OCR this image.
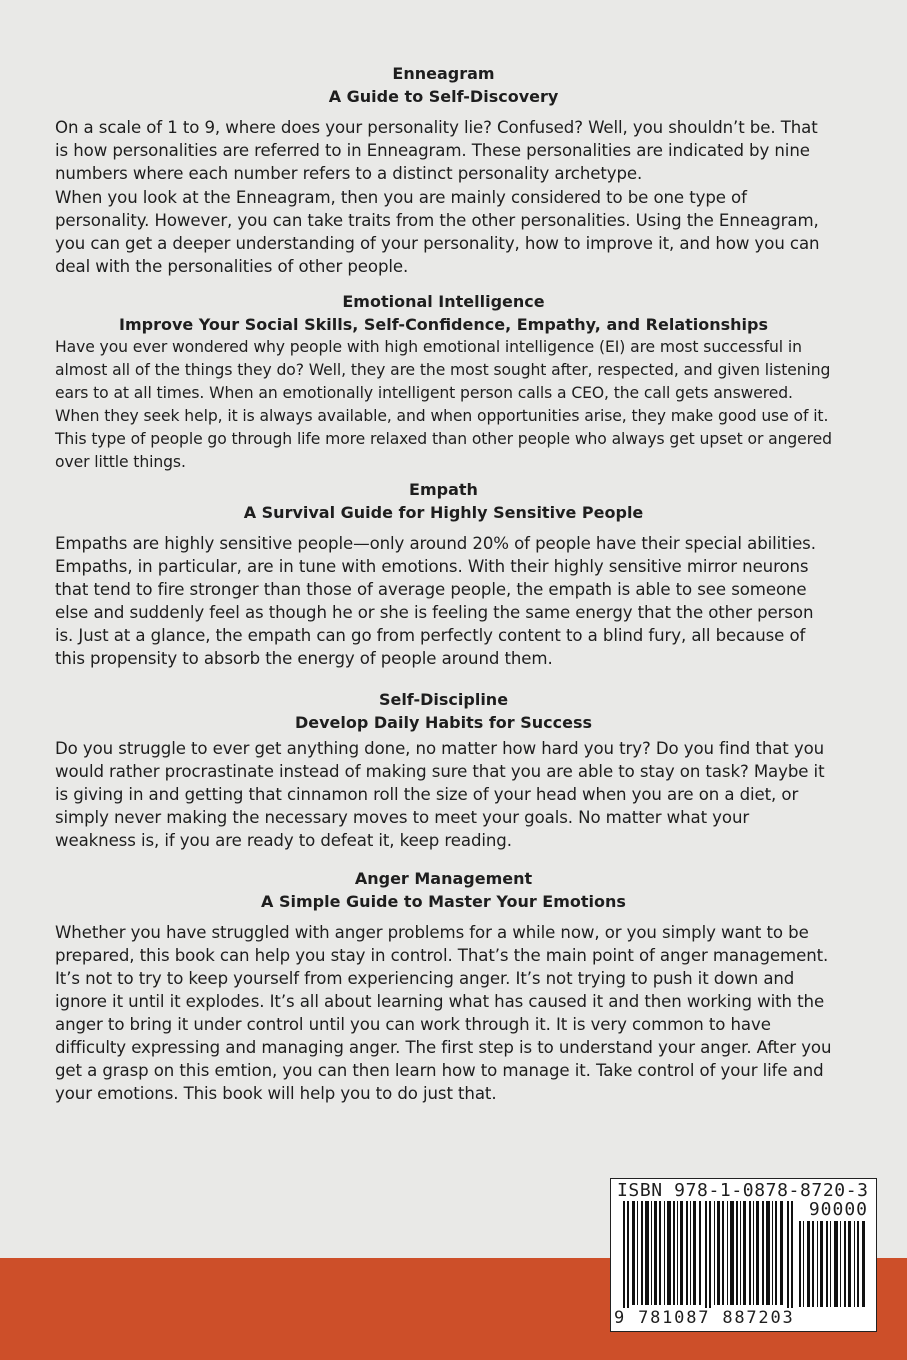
Enneagram
A Guide to Self-Discovery

On a scale of 1 to 9, where does your personality lie? Confused? Well, you shouldn’t be. That is how personalities are referred to in Enneagram. These personalities are indicated by nine numbers where each number refers to a distinct personality archetype.

When you look at the Enneagram, then you are mainly considered to be one type of personality. However, you can take traits from the other personalities. Using the Enneagram, you can get a deeper understanding of your personality, how to improve it, and how you can deal with the personalities of other people.

Emotional Intelligence
Improve Your Social Skills, Self-Confidence, Empathy, and Relationships

Have you ever wondered why people with high emotional intelligence (EI) are most successful in almost all of the things they do? Well, they are the most sought after, respected, and given listening ears to at all times. When an emotionally intelligent person calls a CEO, the call gets answered. When they seek help, it is always available, and when opportunities arise, they make good use of it. This type of people go through life more relaxed than other people who always get upset or angered over little things.

Empath
A Survival Guide for Highly Sensitive People

Empaths are highly sensitive people—only around 20% of people have their special abilities. Empaths, in particular, are in tune with emotions. With their highly sensitive mirror neurons that tend to fire stronger than those of average people, the empath is able to see someone else and suddenly feel as though he or she is feeling the same energy that the other person is. Just at a glance, the empath can go from perfectly content to a blind fury, all because of this propensity to absorb the energy of people around them.

Self-Discipline
Develop Daily Habits for Success

Do you struggle to ever get anything done, no matter how hard you try? Do you find that you would rather procrastinate instead of making sure that you are able to stay on task? Maybe it is giving in and getting that cinnamon roll the size of your head when you are on a diet, or simply never making the necessary moves to meet your goals. No matter what your weakness is, if you are ready to defeat it, keep reading.

Anger Management
A Simple Guide to Master Your Emotions

Whether you have struggled with anger problems for a while now, or you simply want to be prepared, this book can help you stay in control. That’s the main point of anger management. It’s not to try to keep yourself from experiencing anger. It’s not trying to push it down and ignore it until it explodes. It’s all about learning what has caused it and then working with the anger to bring it under control until you can work through it. It is very common to have difficulty expressing and managing anger. The first step is to understand your anger. After you get a grasp on this emtion, you can then learn how to manage it. Take control of your life and your emotions. This book will help you to do just that.

ISBN 978-1-0878-8720-3
90000
9 781087 887203
